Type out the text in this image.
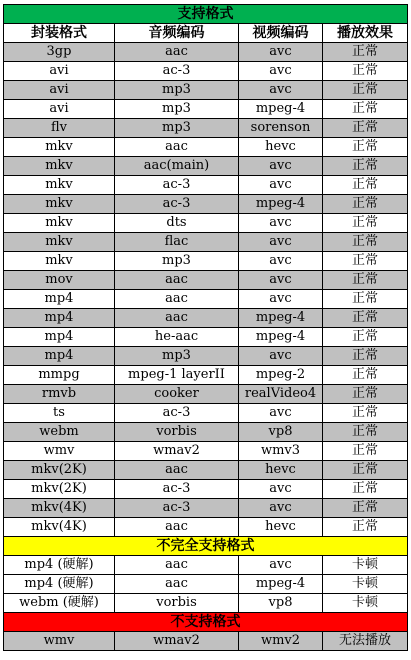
支持格式			
封装格式	音频编码	视频编码	播放效果
3gp	aac	avc	正常
avi	ac-3	avc	正常
avi	mp3	avc	正常
avi	mp3	mpeg-4	正常
flv	mp3	sorenson	正常
mkv	aac	hevc	正常
mkv	aac(main)	avc	正常
mkv	ac-3	avc	正常
mkv	ac-3	mpeg-4	正常
mkv	dts	avc	正常
mkv	flac	avc	正常
mkv	mp3	avc	正常
mov	aac	avc	正常
mp4	aac	avc	正常
mp4	aac	mpeg-4	正常
mp4	he-aac	mpeg-4	正常
mp4	mp3	avc	正常
mmpg	mpeg-1 layerII	mpeg-2	正常
rmvb	cooker	realVideo4	正常
ts	ac-3	avc	正常
webm	vorbis	vp8	正常
wmv	wmav2	wmv3	正常
mkv(2K)	aac	hevc	正常
mkv(2K)	ac-3	avc	正常
mkv(4K)	ac-3	avc	正常
mkv(4K)	aac	hevc	正常
不完全支持格式			
mp4 (硬解)	aac	avc	卡顿
mp4 (硬解)	aac	mpeg-4	卡顿
webm (硬解)	vorbis	vp8	卡顿
不支持格式			
wmv	wmav2	wmv2	无法播放
